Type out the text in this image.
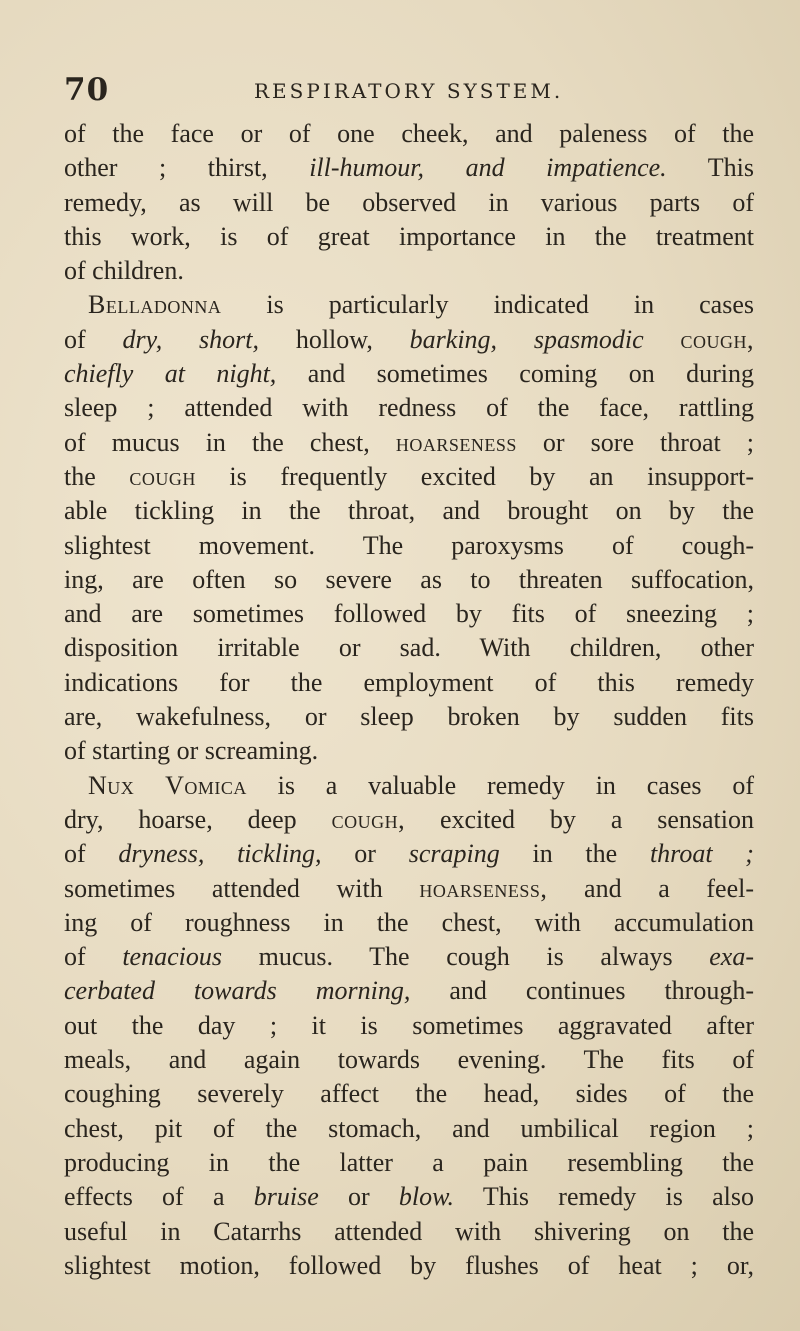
70	RESPIRATORY SYSTEM.
of the face or of one cheek, and paleness of the
other ; thirst, ill-humour, and impatience. This
remedy, as will be observed in various parts of
this work, is of great importance in the treatment
of children.
Belladonna is particularly indicated in cases
of dry, short, hollow, barking, spasmodic cough,
chiefly at night, and sometimes coming on during
sleep ; attended with redness of the face, rattling
of mucus in the chest, hoarseness or sore throat ;
the cough is frequently excited by an insupport-
able tickling in the throat, and brought on by the
slightest movement. The paroxysms of cough-
ing, are often so severe as to threaten suffocation,
and are sometimes followed by fits of sneezing ;
disposition irritable or sad. With children, other
indications for the employment of this remedy
are, wakefulness, or sleep broken by sudden fits
of starting or screaming.
Nux Vomica is a valuable remedy in cases of
dry, hoarse, deep cough, excited by a sensation
of dryness, tickling, or scraping in the throat ;
sometimes attended with hoarseness, and a feel-
ing of roughness in the chest, with accumulation
of tenacious mucus. The cough is always exa-
cerbated towards morning, and continues through-
out the day ; it is sometimes aggravated after
meals, and again towards evening. The fits of
coughing severely affect the head, sides of the
chest, pit of the stomach, and umbilical region ;
producing in the latter a pain resembling the
effects of a bruise or blow. This remedy is also
useful in Catarrhs attended with shivering on the
slightest motion, followed by flushes of heat ; or,
